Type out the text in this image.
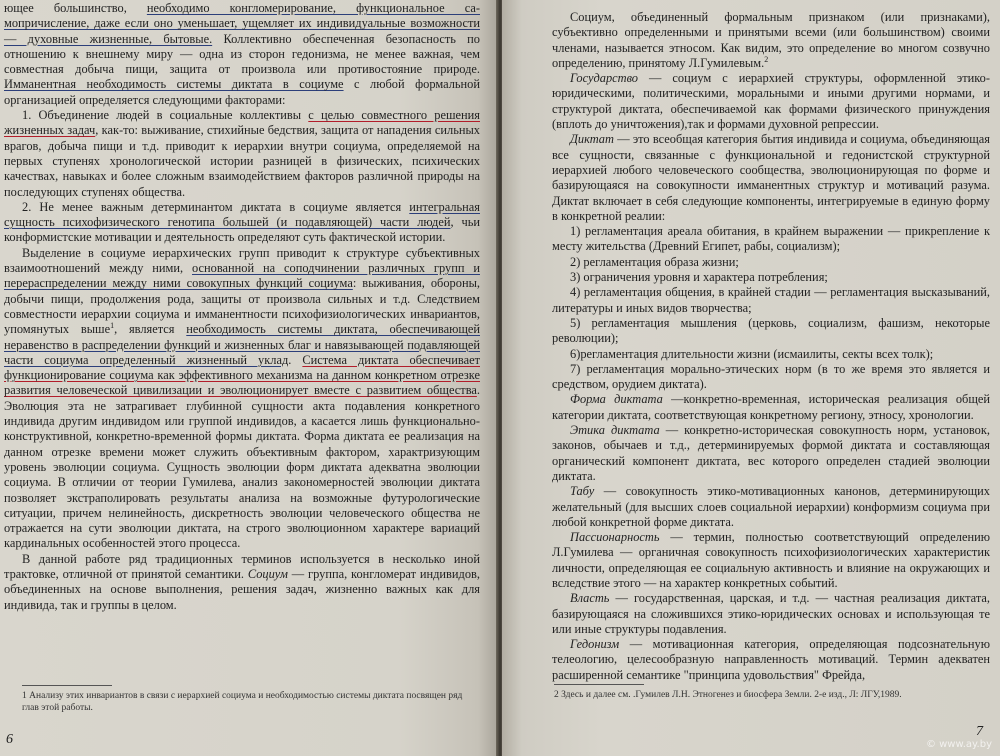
ющее большинство, необходимо конгломерирование, функциональное са-мопричисление, даже если оно уменьшает, ущемляет их индивидуальные возможности — духовные жизненные, бытовые. Коллективно обеспеченная безопасность по отношению к внешнему миру — одна из сторон гедонизма, не менее важная, чем совместная добыча пищи, защита от произвола или противостояние природе. Имманентная необходимость системы диктата в социуме с любой формальной организацией определяется следующими факторами:

1. Объединение людей в социальные коллективы с целью совместного решения жизненных задач, как-то: выживание, стихийные бедствия, защита от нападения сильных врагов, добыча пищи и т.д. приводит к иерархии внутри социума, определяемой на первых ступенях хронологической истории разницей в физических, психических качествах, навыках и более сложным взаимодействием факторов различной природы на последующих ступенях общества.

2. Не менее важным детерминантом диктата в социуме является интегральная сущность психофизического генотипа большей (и подавляющей) части людей, чьи конформистские мотивации и деятельность определяют суть фактической истории.

Выделение в социуме иерархических групп приводит к структуре субъективных взаимоотношений между ними, основанной на соподчинении различных групп и перераспределении между ними совокупных функций социума: выживания, обороны, добычи пищи, продолжения рода, защиты от произвола сильных и т.д. Следствием совместности иерархии социума и имманентности психофизиологических инвариантов, упомянутых выше$^1$, является необходимость системы диктата, обеспечивающей неравенство в распределении функций и жизненных благ и навязывающей подавляющей части социума определенный жизненный уклад. Система диктата обеспечивает функционирование социума как эффективного механизма на данном конкретном отрезке развития человеческой цивилизации и эволюционирует вместе с развитием общества. Эволюция эта не затрагивает глубинной сущности акта подавления конкретного индивида другим индивидом или группой индивидов, а касается лишь функционально-конструктивной, конкретно-временной формы диктата. Форма диктата ее реализация на данном отрезке времени может служить объективным фактором, характризующим уровень эволюции социума. Сущность эволюции форм диктата адекватна эволюции социума. В отличии от теории Гумилева, анализ закономерностей эволюции диктата позволяет экстраполировать результаты анализа на возможные футурологические ситуации, причем нелинейность, дискретность эволюции человеческого общества не отражается на сути эволюции диктата, на строго эволюционном характере вариаций кардинальных особенностей этого процесса.

В данной работе ряд традиционных терминов используется в несколько иной трактовке, отличной от принятой семантики. Социум — группа, конгломерат индивидов, объединенных на основе выполнения, решения задач, жизненно важных как для индивида, так и группы в целом.

1 Анализу этих инвариантов в связи с иерархией социума и необходимостью системы диктата посвящен ряд глав этой работы.
6

Социум, объединенный формальным признаком (или признаками), субъективно определенными и принятыми всеми (или большинством) своими членами, называется этносом. Как видим, это определение во многом созвучно определению, принятому Л.Гумилевым.$^2$

Государство — социум с иерархией структуры, оформленной этико-юридическими, политическими, моральными и иными другими нормами, и структурой диктата, обеспечиваемой как формами физического принуждения (вплоть до уничтожения),так и формами духовной репрессии.

Диктат — это всеобщая категория бытия индивида и социума, объединяющая все сущности, связанные с функциональной и гедонистской структурной иерархией любого человеческого сообщества, эволюционирующая по форме и базирующаяся на совокупности имманентных структур и мотиваций разума. Диктат включает в себя следующие компоненты, интегрируемые в единую форму в конкретной реалии:

1) регламентация ареала обитания, в крайнем выражении — прикрепление к месту жительства (Древний Египет, рабы, социализм);

2) регламентация образа жизни;

3) ограничения уровня и характера потребления;

4) регламентация общения, в крайней стадии — регламентация высказываний, литературы и иных видов творчества;

5) регламентация мышления (церковь, социализм, фашизм, некоторые революции);

6)регламентация длительности жизни (исмаилиты, секты всех толк);

7) регламентация морально-этических норм (в то же время это является и средством, орудием диктата).

Форма диктата —конкретно-временная, историческая реализация общей категории диктата, соответствующая конкретному региону, этносу, хронологии.

Этика диктата — конкретно-историческая совокупность норм, установок, законов, обычаев и т.д., детерминируемых формой диктата и составляющая органический компонент диктата, вес которого определен стадией эволюции диктата.

Табу — совокупность этико-мотивационных канонов, детерминирующих желательный (для высших слоев социальной иерархии) конформизм социума при любой конкретной форме диктата.

Пассионарность — термин, полностью соответствующий определению Л.Гумилева — органичная совокупность психофизиологических характеристик личности, определяющая ее социальную активность и влияние на окружающих и вследствие этого — на характер конкретных событий.

Власть — государственная, царская, и т.д. — частная реализация диктата, базирующаяся на сложившихся этико-юридических основах и использующая те или иные структуры подавления.

Гедонизм — мотивационная категория, определяющая подсознательную телеологию, целесообразную направленность мотиваций. Термин адекватен расширенной семантике "принципа удовольствия" Фрейда,

2 Здесь и далее см. .Гумилев Л.Н. Этногенез и биосфера Земли. 2-е изд., Л: ЛГУ,1989.
7
© www.ay.by
